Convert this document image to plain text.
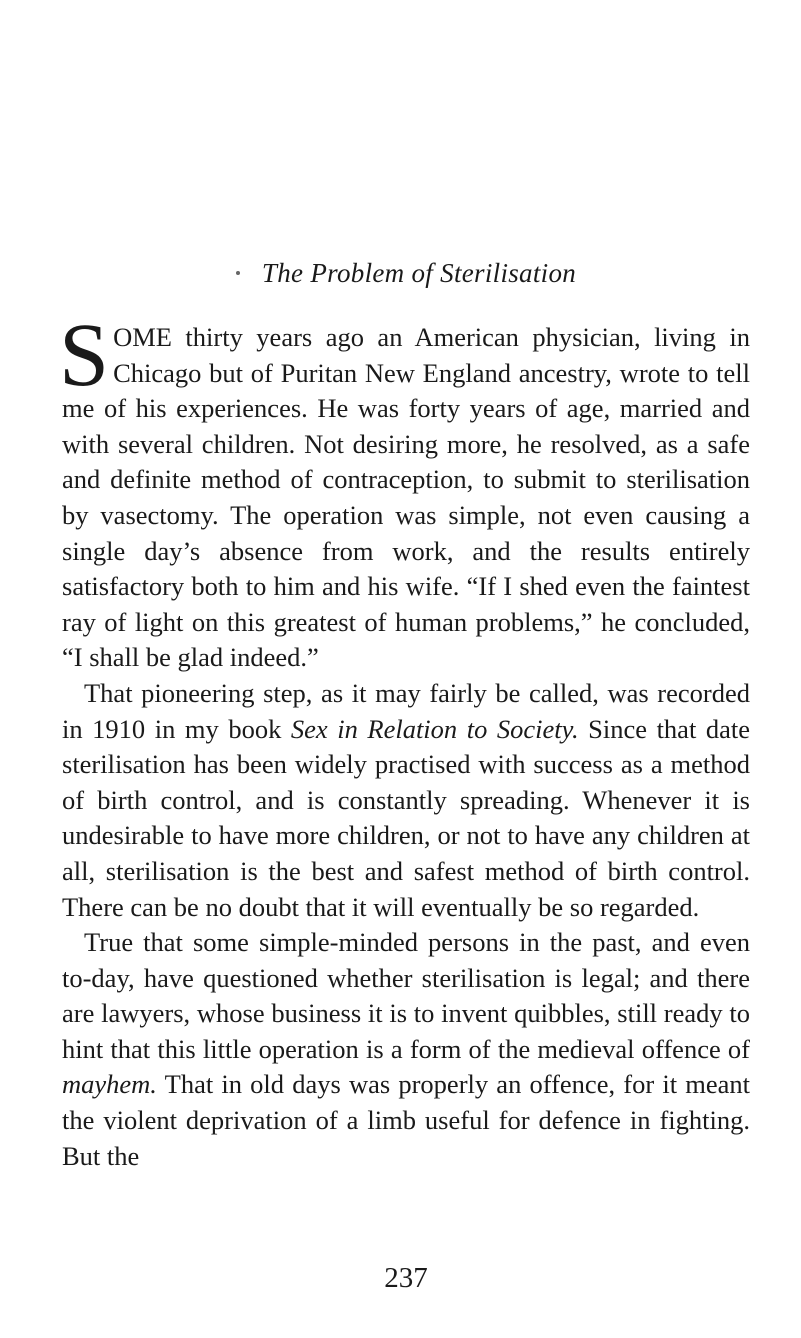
The Problem of Sterilisation

SOME thirty years ago an American physician, living in Chicago but of Puritan New England ancestry, wrote to tell me of his experiences. He was forty years of age, married and with several children. Not desiring more, he resolved, as a safe and definite method of contraception, to submit to sterilisation by vasectomy. The operation was simple, not even causing a single day’s absence from work, and the results entirely satisfactory both to him and his wife. “If I shed even the faintest ray of light on this greatest of human problems,” he concluded, “I shall be glad indeed.”

That pioneering step, as it may fairly be called, was recorded in 1910 in my book Sex in Relation to Society. Since that date sterilisation has been widely practised with success as a method of birth control, and is constantly spreading. Whenever it is undesirable to have more children, or not to have any children at all, sterilisation is the best and safest method of birth control. There can be no doubt that it will eventually be so regarded.

True that some simple-minded persons in the past, and even to-day, have questioned whether sterilisation is legal; and there are lawyers, whose business it is to invent quibbles, still ready to hint that this little operation is a form of the medieval offence of mayhem. That in old days was properly an offence, for it meant the violent deprivation of a limb useful for defence in fighting. But the

237
